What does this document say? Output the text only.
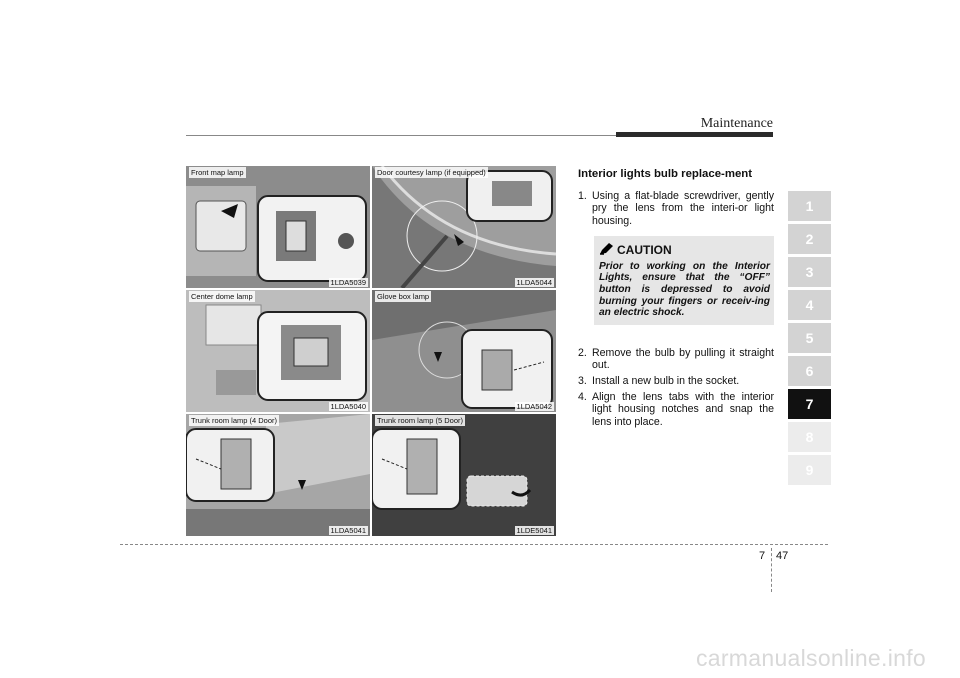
Maintenance
Front map lamp
1LDA5039
Door courtesy lamp (if equipped)
1LDA5044
Center dome lamp
1LDA5040
Glove box lamp
1LDA5042
Trunk room lamp (4 Door)
1LDA5041
Trunk room lamp (5 Door)
1LDE5041
Interior lights bulb replace-ment
1. Using a flat-blade screwdriver, gently pry the lens from the interi-or light housing.
CAUTION
Prior to working on the Interior Lights, ensure that the “OFF” button is depressed to avoid burning your fingers or receiv-ing an electric shock.
2. Remove the bulb by pulling it straight out.
3. Install a new bulb in the socket.
4. Align the lens tabs with the interior light housing notches and snap the lens into place.
1
2
3
4
5
6
7
8
9
7 47
carmanualsonline.info
